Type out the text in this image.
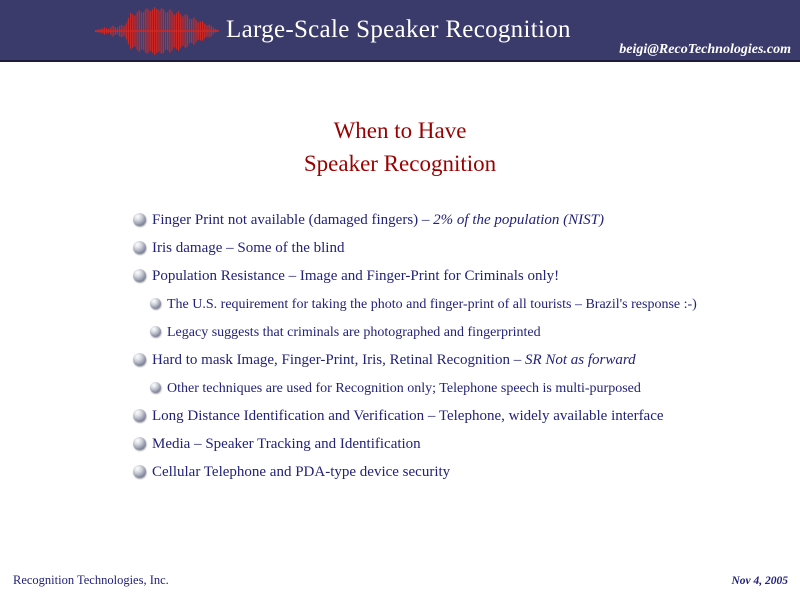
Large-Scale Speaker Recognition
beigi@RecoTechnologies.com
When to Have
Speaker Recognition
Finger Print not available (damaged fingers) – 2% of the population (NIST)
Iris damage – Some of the blind
Population Resistance – Image and Finger-Print for Criminals only!
The U.S. requirement for taking the photo and finger-print of all tourists – Brazil's response :-)
Legacy suggests that criminals are photographed and fingerprinted
Hard to mask Image, Finger-Print, Iris, Retinal Recognition – SR Not as forward
Other techniques are used for Recognition only; Telephone speech is multi-purposed
Long Distance Identification and Verification – Telephone, widely available interface
Media – Speaker Tracking and Identification
Cellular Telephone and PDA-type device security
Recognition Technologies, Inc.	Nov 4, 2005
